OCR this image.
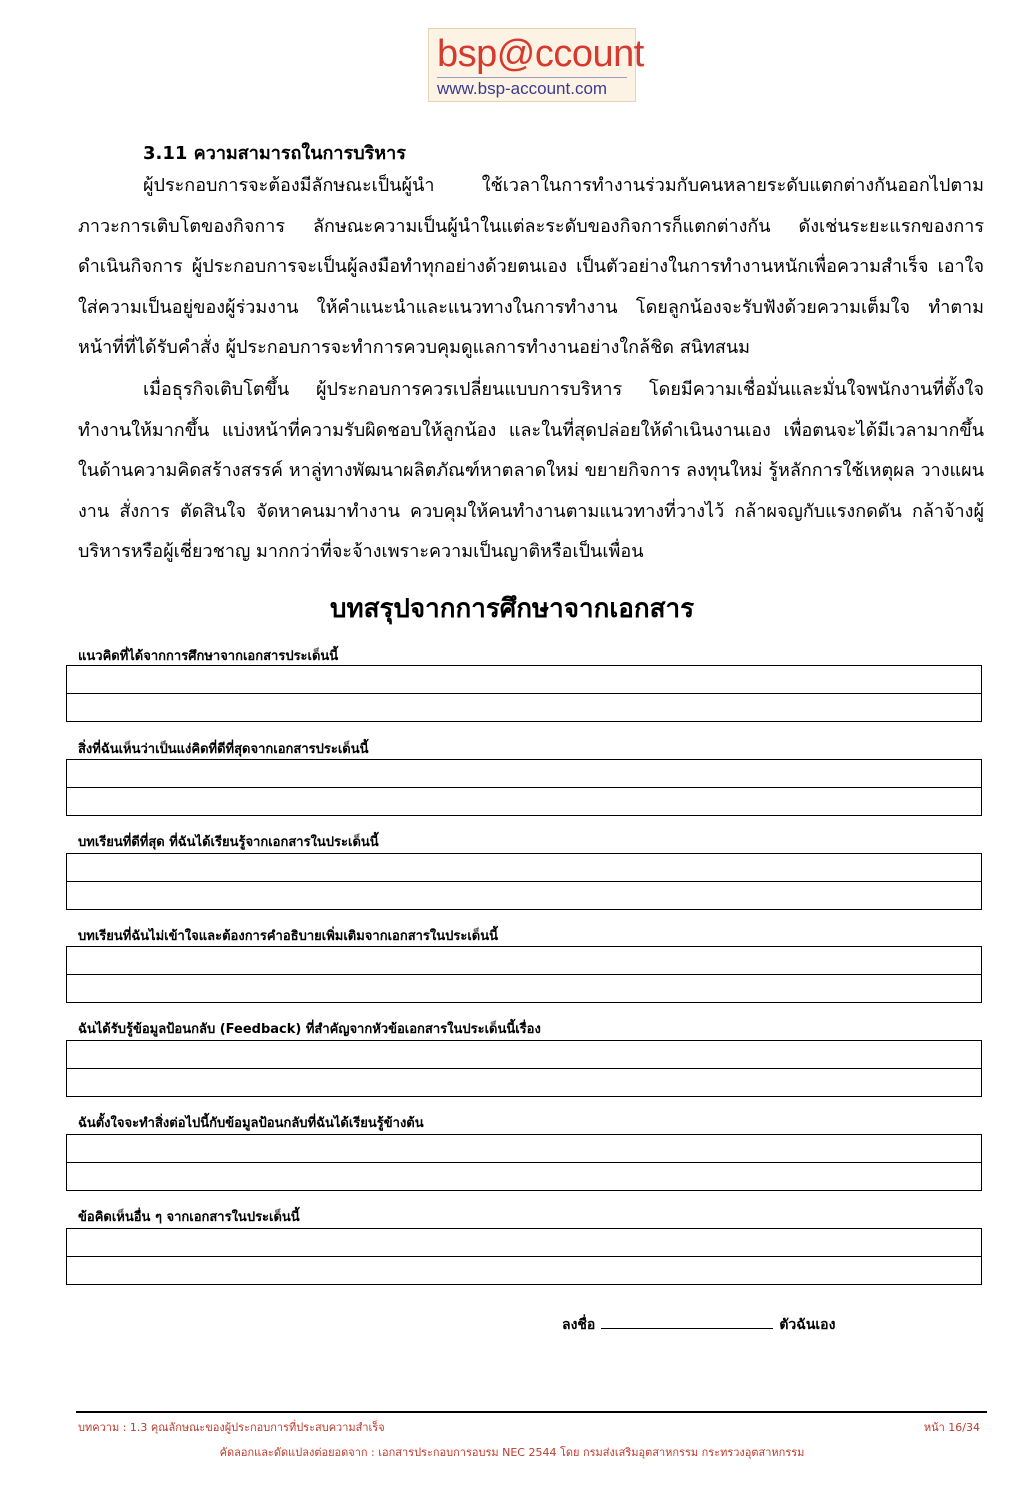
bsp@ccount
www.bsp-account.com
3.11 ความสามารถในการบริหาร
ผู้ประกอบการจะต้องมีลักษณะเป็นผู้นำ ใช้เวลาในการทำงานร่วมกับคนหลายระดับแตกต่างกันออกไปตามภาวะการเติบโตของกิจการ ลักษณะความเป็นผู้นำในแต่ละระดับของกิจการก็แตกต่างกัน ดังเช่นระยะแรกของการดำเนินกิจการ ผู้ประกอบการจะเป็นผู้ลงมือทำทุกอย่างด้วยตนเอง เป็นตัวอย่างในการทำงานหนักเพื่อความสำเร็จ เอาใจใส่ความเป็นอยู่ของผู้ร่วมงาน ให้คำแนะนำและแนวทางในการทำงาน โดยลูกน้องจะรับฟังด้วยความเต็มใจ ทำตามหน้าที่ที่ได้รับคำสั่ง ผู้ประกอบการจะทำการควบคุมดูแลการทำงานอย่างใกล้ชิด สนิทสนม
เมื่อธุรกิจเติบโตขึ้น ผู้ประกอบการควรเปลี่ยนแบบการบริหาร โดยมีความเชื่อมั่นและมั่นใจพนักงานที่ตั้งใจทำงานให้มากขึ้น แบ่งหน้าที่ความรับผิดชอบให้ลูกน้อง และในที่สุดปล่อยให้ดำเนินงานเอง เพื่อตนจะได้มีเวลามากขึ้นในด้านความคิดสร้างสรรค์ หาลู่ทางพัฒนาผลิตภัณฑ์หาตลาดใหม่ ขยายกิจการ ลงทุนใหม่ รู้หลักการใช้เหตุผล วางแผนงาน สั่งการ ตัดสินใจ จัดหาคนมาทำงาน ควบคุมให้คนทำงานตามแนวทางที่วางไว้ กล้าผจญกับแรงกดดัน กล้าจ้างผู้บริหารหรือผู้เชี่ยวชาญ มากกว่าที่จะจ้างเพราะความเป็นญาติหรือเป็นเพื่อน
บทสรุปจากการศึกษาจากเอกสาร
แนวคิดที่ได้จากการศึกษาจากเอกสารประเด็นนี้
สิ่งที่ฉันเห็นว่าเป็นแง่คิดที่ดีที่สุดจากเอกสารประเด็นนี้
บทเรียนที่ดีที่สุด ที่ฉันได้เรียนรู้จากเอกสารในประเด็นนี้
บทเรียนที่ฉันไม่เข้าใจและต้องการคำอธิบายเพิ่มเติมจากเอกสารในประเด็นนี้
ฉันได้รับรู้ข้อมูลป้อนกลับ (Feedback) ที่สำคัญจากหัวข้อเอกสารในประเด็นนี้เรื่อง
ฉันตั้งใจจะทำสิ่งต่อไปนี้กับข้อมูลป้อนกลับที่ฉันได้เรียนรู้ข้างต้น
ข้อคิดเห็นอื่น ๆ จากเอกสารในประเด็นนี้
ลงชื่อ	ตัวฉันเอง
บทความ : 1.3 คุณลักษณะของผู้ประกอบการที่ประสบความสำเร็จ	หน้า 16/34
คัดลอกและดัดแปลงต่อยอดจาก : เอกสารประกอบการอบรม NEC 2544 โดย กรมส่งเสริมอุตสาหกรรม กระทรวงอุตสาหกรรม
